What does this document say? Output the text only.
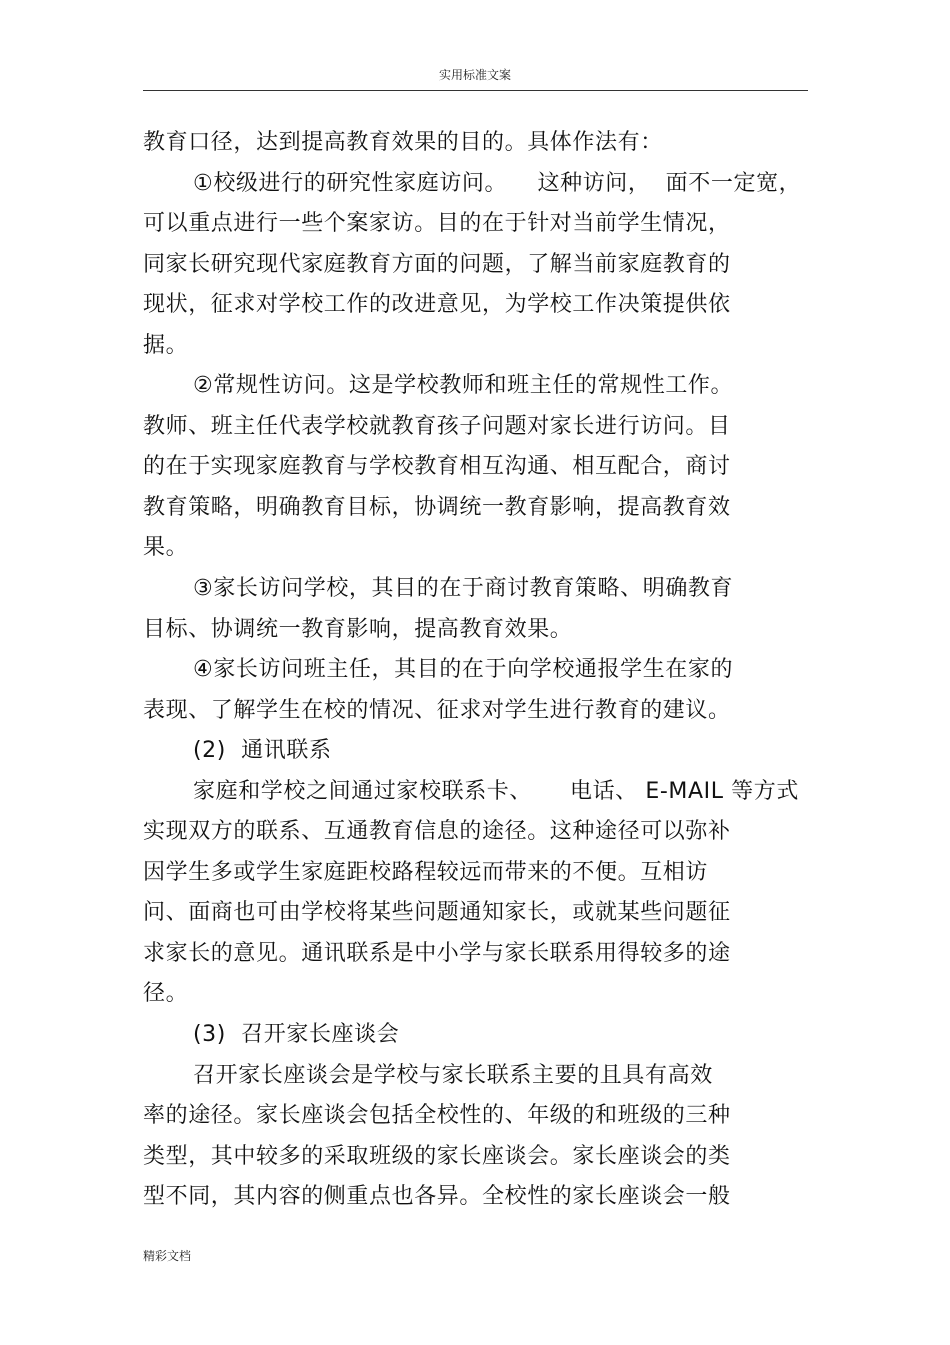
实用标准文案
教育口径，达到提高教育效果的目的。具体作法有：
①校级进行的研究性家庭访问。    这种访问，  面不一定宽，
可以重点进行一些个案家访。目的在于针对当前学生情况，
同家长研究现代家庭教育方面的问题，了解当前家庭教育的
现状，征求对学校工作的改进意见，为学校工作决策提供依
据。
②常规性访问。这是学校教师和班主任的常规性工作。
教师、班主任代表学校就教育孩子问题对家长进行访问。目
的在于实现家庭教育与学校教育相互沟通、相互配合，商讨
教育策略，明确教育目标，协调统一教育影响，提高教育效
果。
③家长访问学校，其目的在于商讨教育策略、明确教育
目标、协调统一教育影响，提高教育效果。
④家长访问班主任，其目的在于向学校通报学生在家的
表现、了解学生在校的情况、征求对学生进行教育的建议。
(2)  通讯联系
家庭和学校之间通过家校联系卡、     电话、 E-MAIL 等方式
实现双方的联系、互通教育信息的途径。这种途径可以弥补
因学生多或学生家庭距校路程较远而带来的不便。互相访
问、面商也可由学校将某些问题通知家长，或就某些问题征
求家长的意见。通讯联系是中小学与家长联系用得较多的途
径。
(3)  召开家长座谈会
召开家长座谈会是学校与家长联系主要的且具有高效
率的途径。家长座谈会包括全校性的、年级的和班级的三种
类型，其中较多的采取班级的家长座谈会。家长座谈会的类
型不同，其内容的侧重点也各异。全校性的家长座谈会一般
精彩文档
